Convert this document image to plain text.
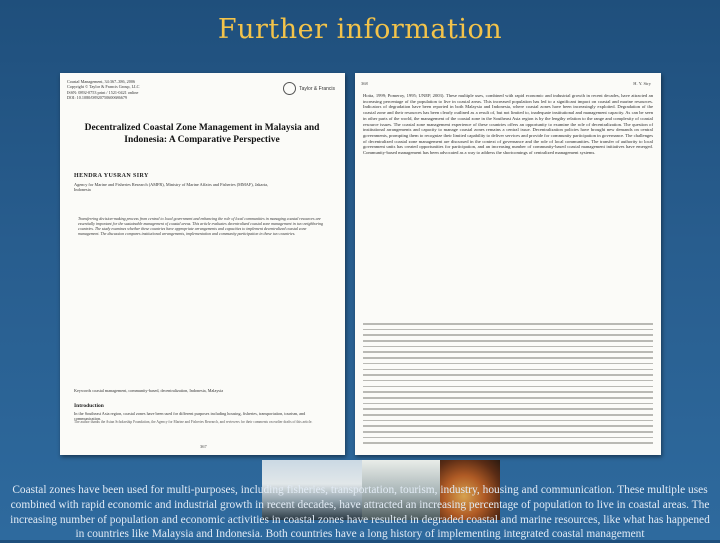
Further information
Coastal Management, 34:367–386, 2006
Copyright © Taylor & Francis Group, LLC
ISSN: 0892-0753 print / 1521-0421 online
DOI: 10.1080/08920750600686679
Taylor & Francis
Decentralized Coastal Zone Management in Malaysia and Indonesia: A Comparative Perspective
HENDRA YUSRAN SIRY
Agency for Marine and Fisheries Research (AMFR), Ministry of Marine Affairs and Fisheries (MMAF), Jakarta, Indonesia
Transferring decision-making process from central to local government and enhancing the role of local communities in managing coastal resources are essentially important for the sustainable management of coastal areas. This article evaluates decentralized coastal zone management in two neighboring countries. The study examines whether these countries have appropriate arrangements and capacities to implement decentralized coastal zone management. The discussion compares institutional arrangements, implementation and community participation in these two countries.
Keywords coastal management, community-based, decentralization, Indonesia, Malaysia
Introduction
In the Southeast Asia region, coastal zones have been used for different purposes including housing, fisheries, transportation, tourism, and communication.
The author thanks the Asian Scholarship Foundation, the Agency for Marine and Fisheries Research, and reviewers for their comments on earlier drafts of this article.
367
368	H. Y. Siry
Hotta, 1999; Pomeroy, 1995; UNEP, 2003). These multiple uses, combined with rapid economic and industrial growth in recent decades, have attracted an increasing percentage of the population to live in coastal areas. This increased population has led to a significant impact on coastal and marine resources. Indicators of degradation have been reported in both Malaysia and Indonesia, where coastal zones have been increasingly exploited. Degradation of the coastal zone and their resources has been clearly outlined as a result of, but not limited to, inadequate institutional and management capacity. As can be seen in other parts of the world, the management of the coastal zone in the Southeast Asia region is by the lengthy relation to the range and complexity of coastal resource issues. The coastal zone management experience of these countries offers an opportunity to examine the role of decentralization. The question of institutional arrangements and capacity to manage coastal zones remains a central issue. Decentralization policies have brought new demands on central governments, prompting them to recognize their limited capability to deliver services and provide for community participation in governance. The challenges of decentralized coastal zone management are discussed in the context of governance and the role of local communities. The transfer of authority to local government units has created opportunities for participation, and an increasing number of community-based coastal management initiatives have emerged. Community-based management has been advocated as a way to address the shortcomings of centralized management systems.
Coastal zones have been used for multi-purposes, including fisheries, transportation, tourism, industry, housing and communication. These multiple uses combined with rapid economic and industrial growth in recent decades, have attracted an increasing percentage of population to live in coastal areas. The increasing number of population and economic activities in coastal zones have resulted in degraded coastal and marine resources, like what has happened in countries like Malaysia and Indonesia. Both countries have a long history of implementing integrated coastal management
